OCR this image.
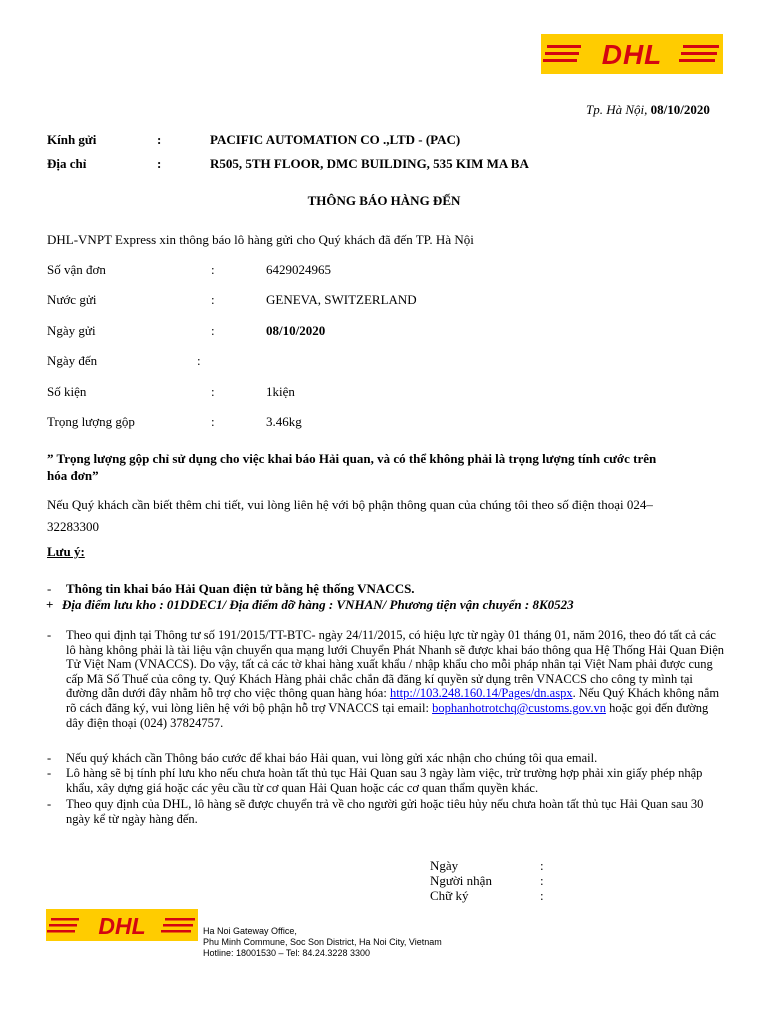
DHL
Tp. Hà Nội, 08/10/2020
Kính gửi	:	PACIFIC AUTOMATION CO .,LTD - (PAC)
Địa chỉ	:	R505, 5TH FLOOR, DMC BUILDING, 535 KIM MA BA
THÔNG BÁO HÀNG ĐẾN
DHL-VNPT Express xin thông báo lô hàng gửi cho Quý khách đã đến TP. Hà Nội
Số vận đơn	:	6429024965
Nước gửi	:	GENEVA, SWITZERLAND
Ngày gửi	:	08/10/2020
Ngày đến	:
Số kiện	:	1kiện
Trọng lượng gộp	:	3.46kg
” Trọng lượng gộp chỉ sử dụng cho việc khai báo Hải quan, và có thể không phải là trọng lượng tính cước trên
hóa đơn”
Nếu Quý khách cần biết thêm chi tiết, vui lòng liên hệ với bộ phận thông quan của chúng tôi theo số điện thoại 024–
32283300
Lưu ý:
- Thông tin khai báo Hải Quan điện tử bằng hệ thống VNACCS.
+ Địa điểm lưu kho : 01DDEC1/ Địa điểm dỡ hàng : VNHAN/ Phương tiện vận chuyển : 8K0523
- Theo qui định tại Thông tư số 191/2015/TT-BTC- ngày 24/11/2015, có hiệu lực từ ngày 01 tháng 01, năm 2016, theo đó tất cả các lô hàng không phải là tài liệu vận chuyển qua mạng lưới Chuyển Phát Nhanh sẽ được khai báo thông qua Hệ Thống Hải Quan Điện Tử Việt Nam (VNACCS). Do vậy, tất cả các tờ khai hàng xuất khẩu / nhập khẩu cho mỗi pháp nhân tại Việt Nam phải được cung cấp Mã Số Thuế của công ty. Quý Khách Hàng phải chắc chắn đã đăng kí quyền sử dụng trên VNACCS cho công ty mình tại đường dẫn dưới đây nhằm hỗ trợ cho việc thông quan hàng hóa: http://103.248.160.14/Pages/dn.aspx. Nếu Quý Khách không nắm rõ cách đăng ký, vui lòng liên hệ với bộ phận hỗ trợ VNACCS tại email: bophanhotrotchq@customs.gov.vn hoặc gọi đến đường dây điện thoại (024) 37824757.
- Nếu quý khách cần Thông báo cước để khai báo Hải quan, vui lòng gửi xác nhận cho chúng tôi qua email.
- Lô hàng sẽ bị tính phí lưu kho nếu chưa hoàn tất thủ tục Hải Quan sau 3 ngày làm việc, trừ trường hợp phải xin giấy phép nhập khẩu, xây dựng giá hoặc các yêu cầu từ cơ quan Hải Quan hoặc các cơ quan thẩm quyền khác.
- Theo quy định của DHL, lô hàng sẽ được chuyển trả về cho người gửi hoặc tiêu hủy nếu chưa hoàn tất thủ tục Hải Quan sau 30 ngày kể từ ngày hàng đến.
Ngày	:
Người nhận	:
Chữ ký	:
DHL	Ha Noi Gateway Office,
Phu Minh Commune, Soc Son District, Ha Noi City, Vietnam
Hotline: 18001530 – Tel: 84.24.3228 3300
